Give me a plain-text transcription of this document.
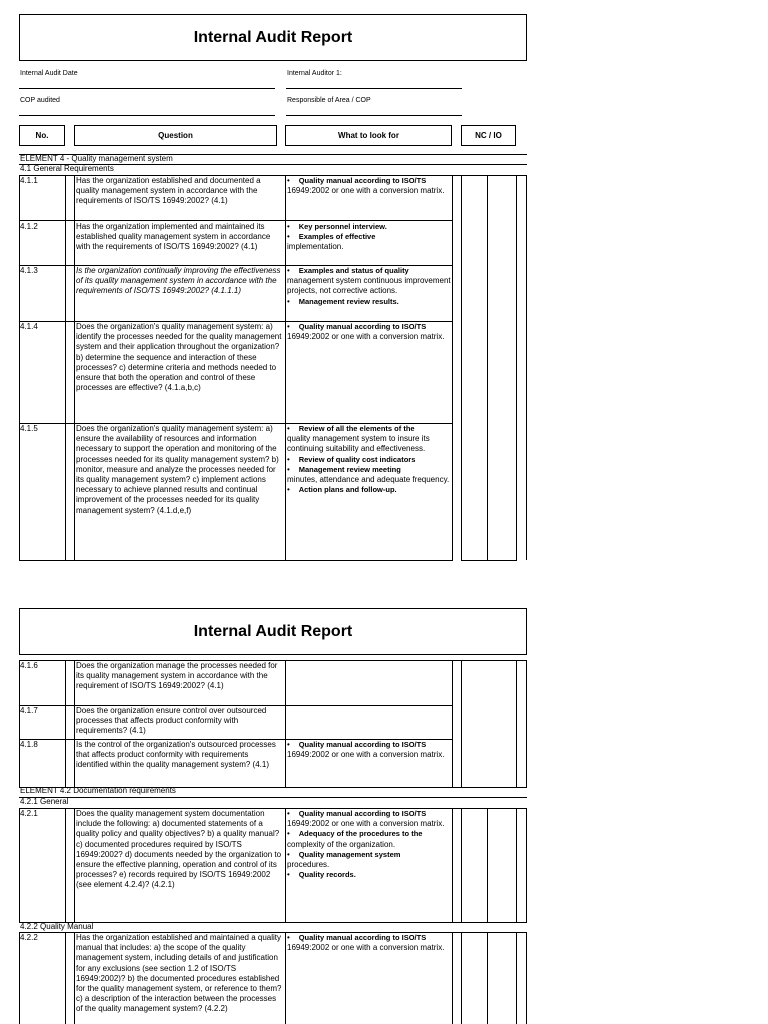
Internal Audit Report
Internal Audit Date	Internal Auditor 1:
COP audited	Responsible of Area / COP
No.	Question	What to look for	NC / IO
ELEMENT 4 - Quality management system
4.1 General Requirements
4.1.1	Has the organization established and documented a quality management system in accordance with the requirements of ISO/TS 16949:2002? (4.1)

•    Quality manual according to ISO/TS

16949:2002 or one with a conversion matrix.

4.1.2	Has the organization implemented and maintained its established quality management system in accordance with the requirements of ISO/TS 16949:2002? (4.1)

•    Key personnel interview.

•    Examples of effective

implementation.

4.1.3	Is the organization continually improving the effectiveness of its quality management system in accordance with the requirements of ISO/TS 16949:2002? (4.1.1.1)

•    Examples and status of quality

management system continuous improvement projects, not corrective actions.

•    Management review results.

4.1.4	Does the organization's quality management system: a) identify the processes needed for the quality management system and their application throughout the organization? b) determine the sequence and interaction of these processes? c) determine criteria and methods needed to ensure that both the operation and control of these processes are effective? (4.1.a,b,c)

•    Quality manual according to ISO/TS

16949:2002 or one with a conversion matrix.

4.1.5	Does the organization's quality management system: a) ensure the availability of resources and information necessary to support the operation and monitoring of the processes needed for its quality management system? b) monitor, measure and analyze the processes needed for its quality management system? c) implement actions necessary to achieve planned results and continual improvement of the processes needed for its quality management system? (4.1.d,e,f)

•    Review of all the elements of the

quality management system to insure its continuing suitability and effectiveness.

•    Review of quality cost indicators

•    Management review meeting

minutes, attendance and adequate frequency.

•    Action plans and follow-up.

Internal Audit Report
4.1.6	Does the organization manage the processes needed for its quality management system in accordance with the requirement of ISO/TS 16949:2002? (4.1)
4.1.7	Does the organization ensure control over outsourced processes that affects product conformity with requirements? (4.1)
4.1.8	Is the control of the organization's outsourced processes that affects product conformity with requirements identified within the quality management system? (4.1)

•    Quality manual according to ISO/TS

16949:2002 or one with a conversion matrix.

ELEMENT 4.2 Documentation requirements
4.2.1 General
4.2.1	Does the quality management system documentation include the following: a) documented statements of a quality policy and quality objectives? b) a quality manual? c) documented procedures required by ISO/TS 16949:2002? d) documents needed by the organization to ensure the effective planning, operation and control of its processes? e) records required by ISO/TS 16949:2002 (see element 4.2.4)? (4.2.1)

•    Quality manual according to ISO/TS

16949:2002 or one with a conversion matrix.

•    Adequacy of the procedures to the

complexity of the organization.

•    Quality management system

procedures.

•    Quality records.

4.2.2 Quality Manual
4.2.2	Has the organization established and maintained a quality manual that includes: a) the scope of the quality management system, including details of and justification for any exclusions (see section 1.2 of ISO/TS 16949:2002)? b) the documented procedures established for the quality management system, or reference to them? c) a description of the interaction between the processes of the quality management system? (4.2.2)

•    Quality manual according to ISO/TS

16949:2002 or one with a conversion matrix.
